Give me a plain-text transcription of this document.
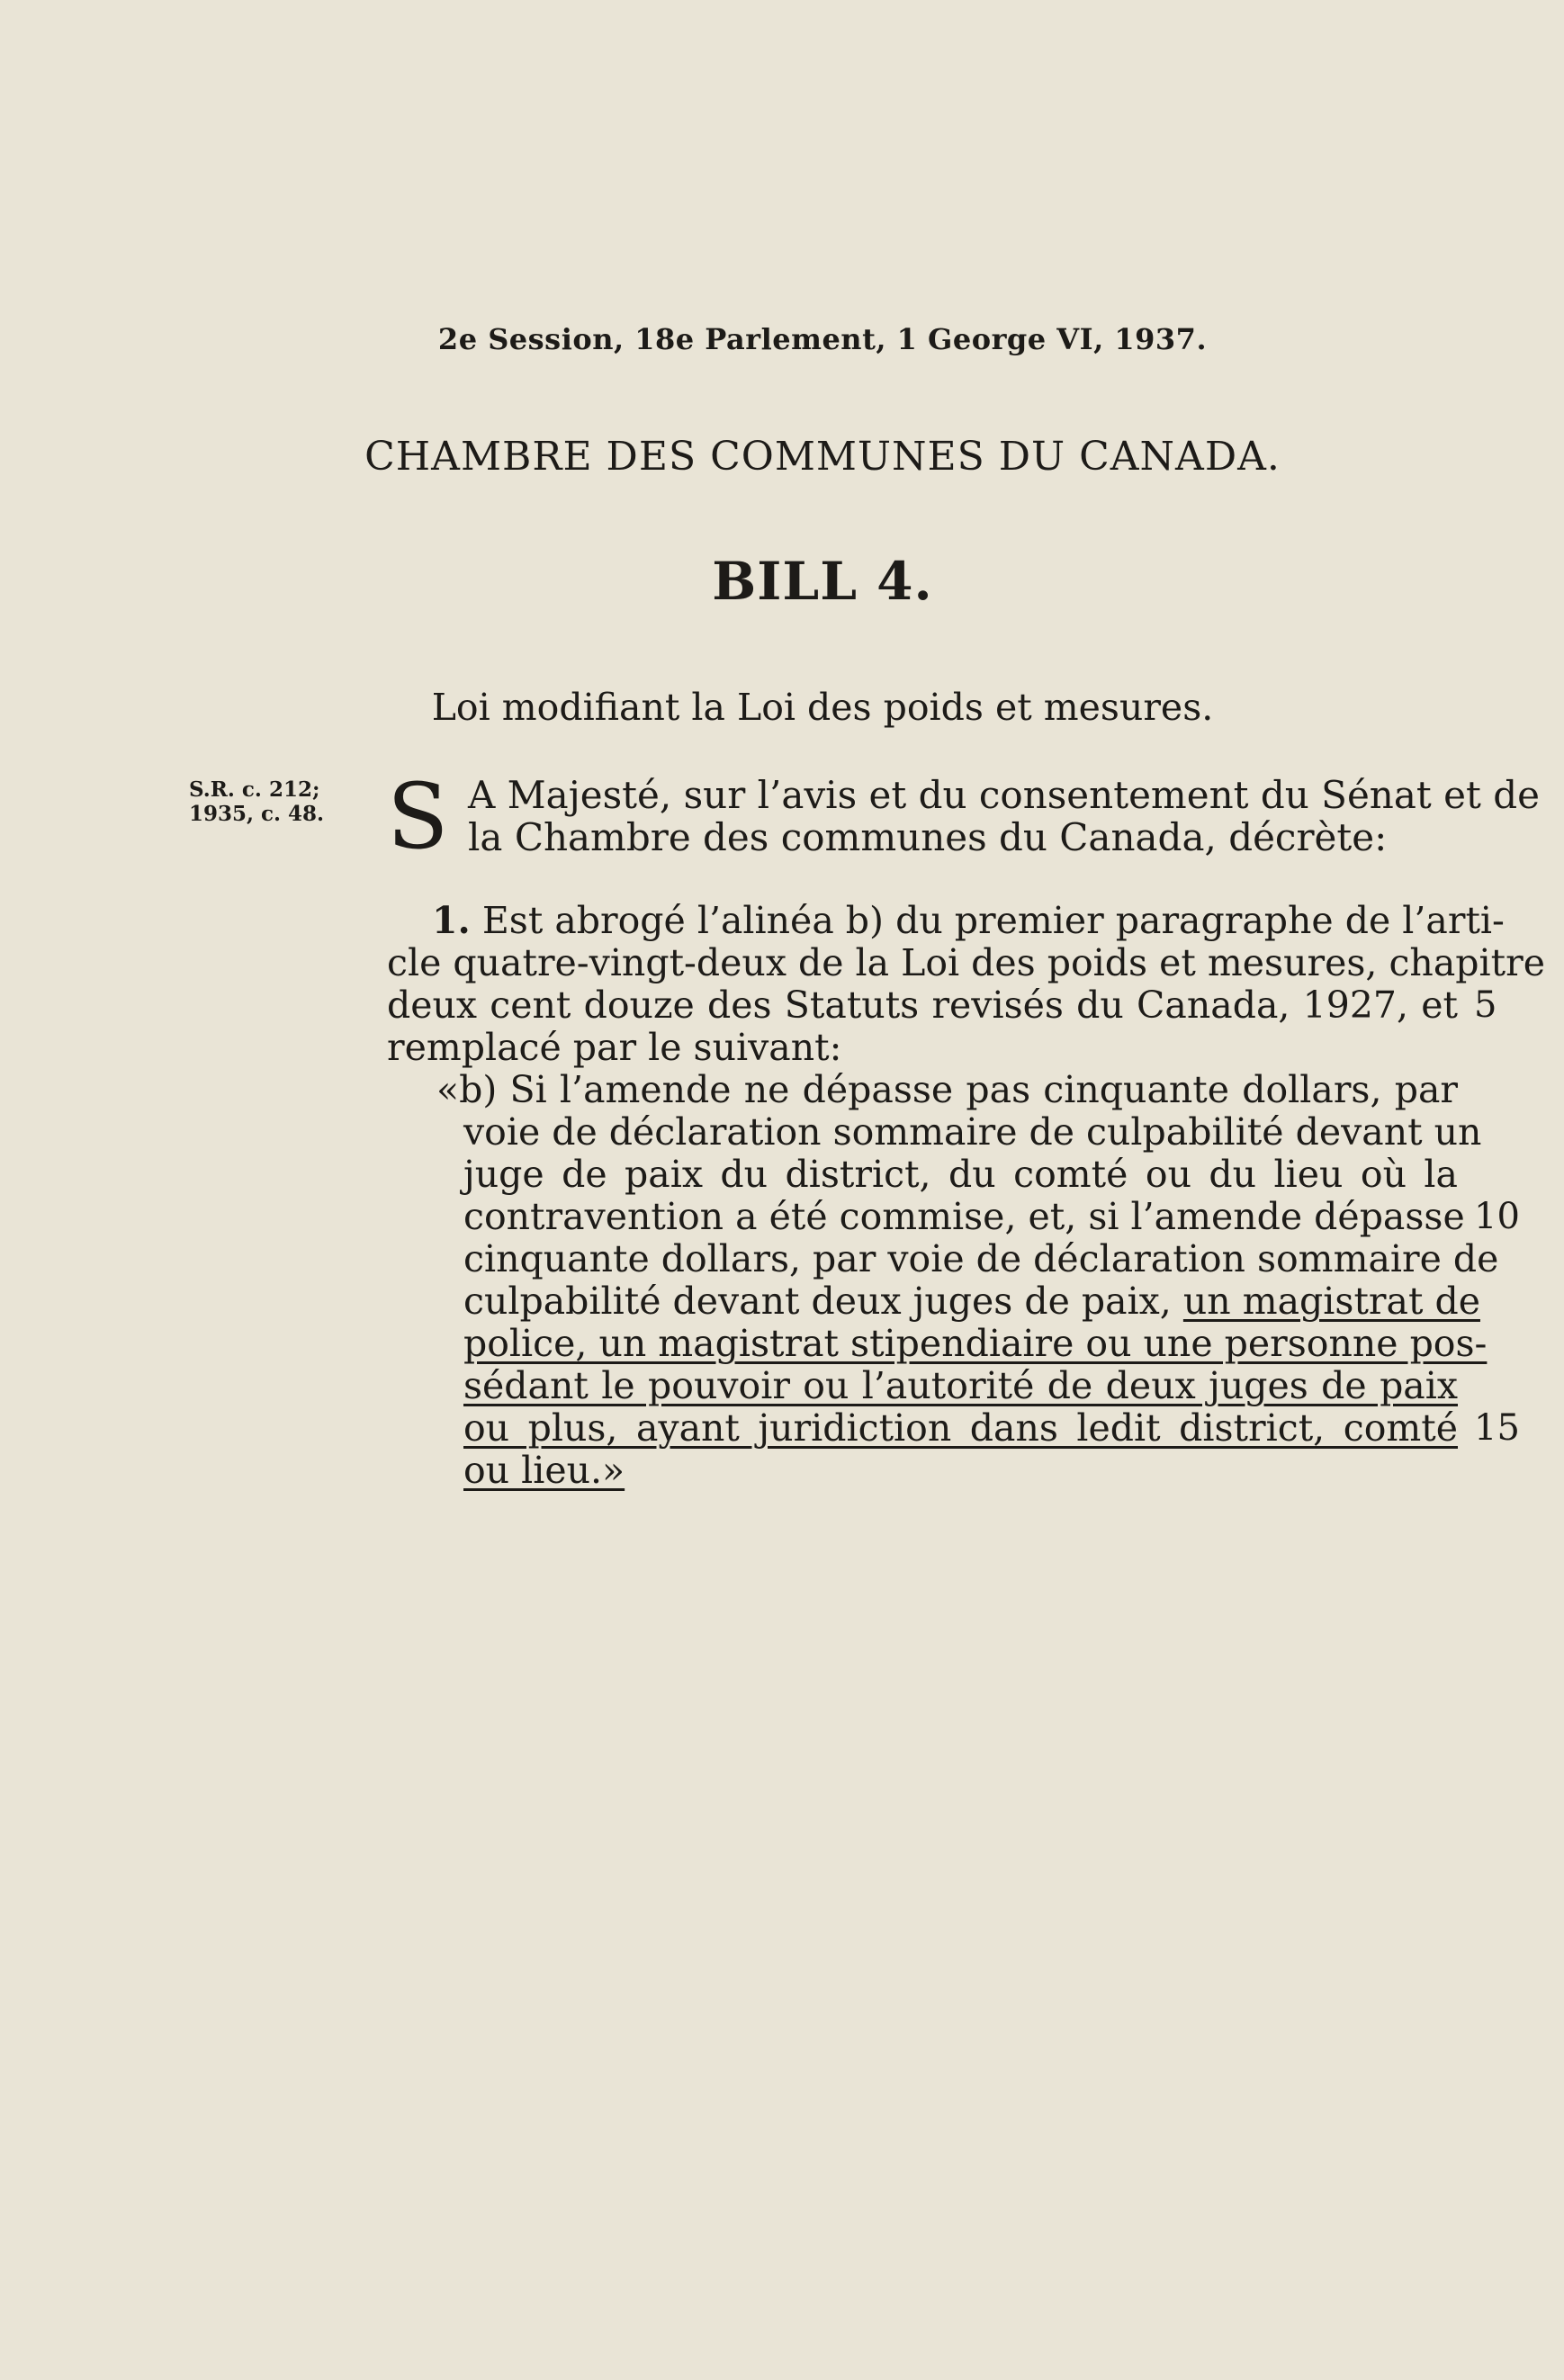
2e Session, 18e Parlement, 1 George VI, 1937.
CHAMBRE DES COMMUNES DU CANADA.
BILL 4.
Loi modifiant la Loi des poids et mesures.
S.R. c. 212;
1935, c. 48. S A Majesté, sur l’avis et du consentement du Sénat et de
la Chambre des communes du Canada, décrète:
1. Est abrogé l’alinéa b) du premier paragraphe de l’arti-
cle quatre-vingt-deux de la Loi des poids et mesures, chapitre
deux cent douze des Statuts revisés du Canada, 1927, et
remplacé par le suivant:
«b) Si l’amende ne dépasse pas cinquante dollars, par
voie de déclaration sommaire de culpabilité devant un
juge de paix du district, du comté ou du lieu où la
contravention a été commise, et, si l’amende dépasse
cinquante dollars, par voie de déclaration sommaire de
culpabilité devant deux juges de paix, un magistrat de
police, un magistrat stipendiaire ou une personne pos-
sédant le pouvoir ou l’autorité de deux juges de paix
ou plus, ayant juridiction dans ledit district, comté
ou lieu.»
5
10
15
